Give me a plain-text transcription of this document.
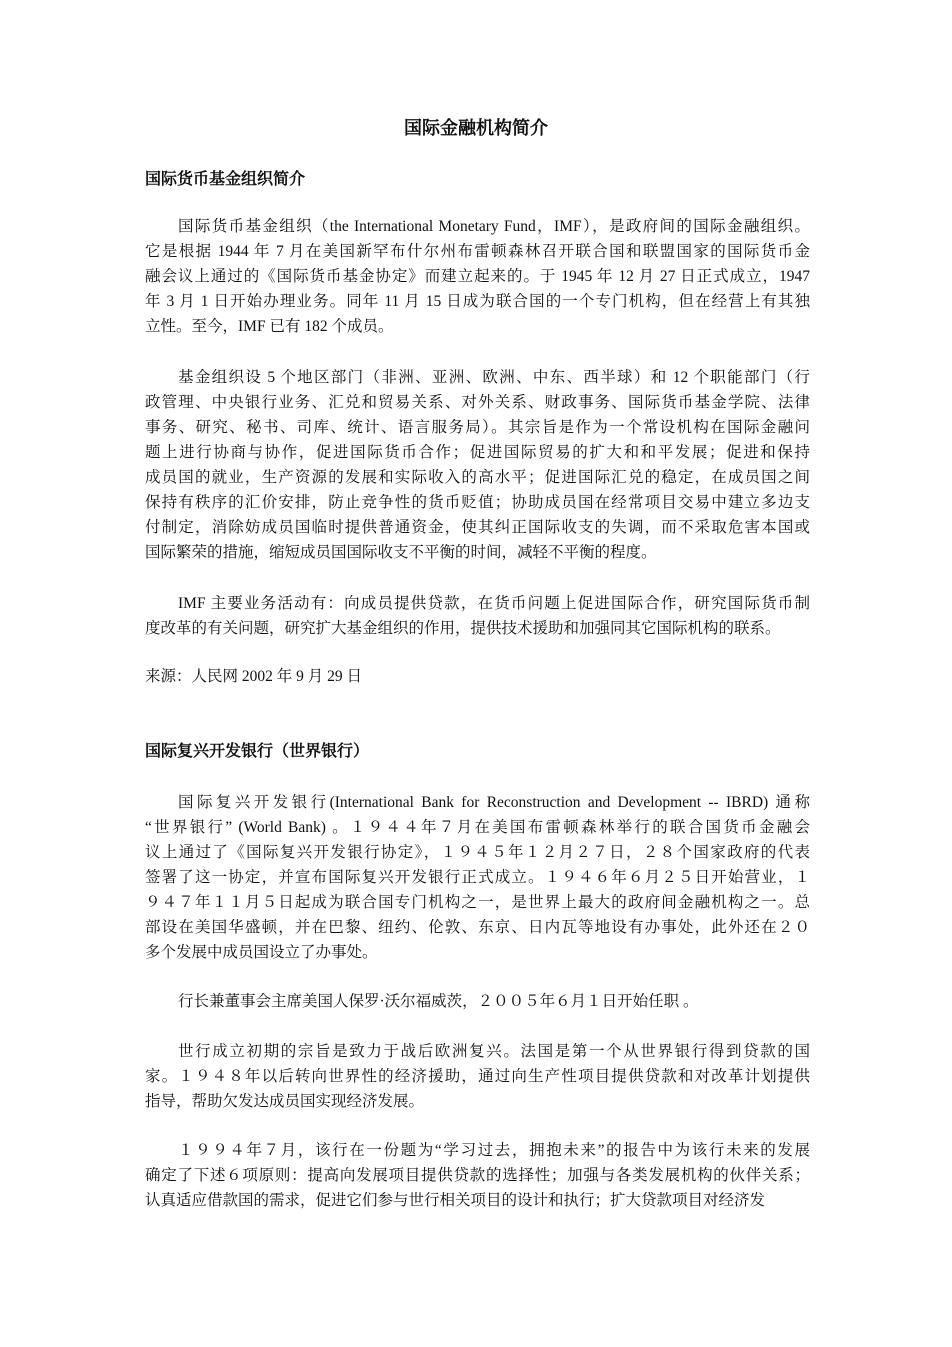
国际金融机构简介
国际货币基金组织简介
国际货币基金组织（the International Monetary Fund，IMF），是政府间的国际金融组织。
它是根据 1944 年 7 月在美国新罕布什尔州布雷顿森林召开联合国和联盟国家的国际货币金
融会议上通过的《国际货币基金协定》而建立起来的。于 1945 年 12 月 27 日正式成立，1947
年 3 月 1 日开始办理业务。同年 11 月 15 日成为联合国的一个专门机构，但在经营上有其独
立性。至今，IMF 已有 182 个成员。
基金组织设 5 个地区部门（非洲、亚洲、欧洲、中东、西半球）和 12 个职能部门（行
政管理、中央银行业务、汇兑和贸易关系、对外关系、财政事务、国际货币基金学院、法律
事务、研究、秘书、司库、统计、语言服务局）。其宗旨是作为一个常设机构在国际金融问
题上进行协商与协作，促进国际货币合作；促进国际贸易的扩大和和平发展；促进和保持
成员国的就业，生产资源的发展和实际收入的高水平；促进国际汇兑的稳定，在成员国之间
保持有秩序的汇价安排，防止竞争性的货币贬值；协助成员国在经常项目交易中建立多边支
付制定，消除妨成员国临时提供普通资金，使其纠正国际收支的失调，而不采取危害本国或
国际繁荣的措施，缩短成员国国际收支不平衡的时间，减轻不平衡的程度。
IMF 主要业务活动有：向成员提供贷款，在货币问题上促进国际合作，研究国际货币制
度改革的有关问题，研究扩大基金组织的作用，提供技术援助和加强同其它国际机构的联系。
来源：人民网 2002 年 9 月 29 日
国际复兴开发银行（世界银行）
国际复兴开发银行(International Bank for Reconstruction and Development -- IBRD) 通称
“世界银行” (World Bank) 。１９４４年７月在美国布雷顿森林举行的联合国货币金融会
议上通过了《国际复兴开发银行协定》，１９４５年１２月２７日，２８个国家政府的代表
签署了这一协定，并宣布国际复兴开发银行正式成立。１９４６年６月２５日开始营业，１
９４７年１１月５日起成为联合国专门机构之一，是世界上最大的政府间金融机构之一。总
部设在美国华盛顿，并在巴黎、纽约、伦敦、东京、日内瓦等地设有办事处，此外还在２０
多个发展中成员国设立了办事处。
行长兼董事会主席美国人保罗·沃尔福威茨，２００５年６月１日开始任职 。
世行成立初期的宗旨是致力于战后欧洲复兴。法国是第一个从世界银行得到贷款的国
家。１９４８年以后转向世界性的经济援助，通过向生产性项目提供贷款和对改革计划提供
指导，帮助欠发达成员国实现经济发展。
１９９４年７月，该行在一份题为“学习过去，拥抱未来”的报告中为该行未来的发展
确定了下述６项原则：提高向发展项目提供贷款的选择性；加强与各类发展机构的伙伴关系；
认真适应借款国的需求，促进它们参与世行相关项目的设计和执行；扩大贷款项目对经济发
